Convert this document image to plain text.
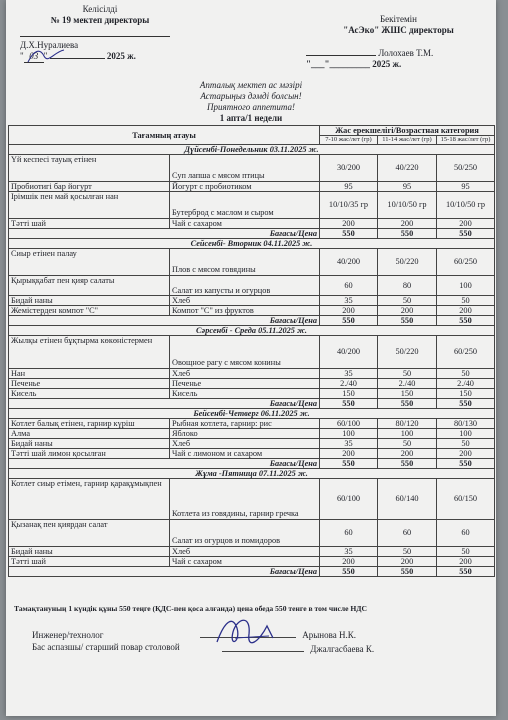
Келісілді
№ 19 мектеп директоры
Д.Х.Нуралиева
" 03 "	2025 ж.
Бекітемін
"АсЭко" ЖШС директоры
Лолохаев Т.М.
"___"_________ 2025 ж.
Апталық мектеп ас мәзірі
Астарыңыз дәмді болсын!
Приятного аппетита!
1 апта/1 недели
Тағамның атауы		Жас ерекшелігі/Возрастная категория		
		7-10 жас/лет (гр)	11-14 жас/лет (гр)	15-18 жас/лет (гр)
Дүйсенбі-Понедельник 03.11.2025 ж.				
Үй кеспесі тауық етінен	Суп лапша с мясом птицы	30/200	40/220	50/250
Пробиотигі бар йогурт	Йогурт с пробиотиком	95	95	95
Ірімшік пен май қосылған нан	Бутерброд с маслом и сыром	10/10/35 гр	10/10/50 гр	10/10/50 гр
Тәтті шай	Чай с сахаром	200	200	200
Бағасы/Цена		550	550	550
Сейсенбі- Вторник 04.11.2025 ж.				
Сиыр етінен палау	Плов с мясом говядины	40/200	50/220	60/250
Қырыққабат пен қияр салаты	Салат из капусты и огурцов	60	80	100
Бидай наны	Хлеб	35	50	50
Жемістерден компот "С"	Компот "С" из фруктов	200	200	200
Бағасы/Цена		550	550	550
Сәрсенбі - Среда 05.11.2025 ж.				
Жылқы етінен бұқтырма көкөністермен	Овощное рагу с мясом конины	40/200	50/220	60/250
Нан	Хлеб	35	50	50
Печенье	Печенье	2./40	2./40	2./40
Кисель	Кисель	150	150	150
Бағасы/Цена		550	550	550
Бейсенбі-Четверг 06.11.2025 ж.				
Котлет балық етінен, гарнир күріш	Рыбная котлета, гарнир: рис	60/100	80/120	80/130
Алма	Яблоко	100	100	100
Бидай наны	Хлеб	35	50	50
Тәтті шай лимон қосылған	Чай с лимоном и сахаром	200	200	200
Бағасы/Цена		550	550	550
Жұма -Пятница 07.11.2025 ж.				
Котлет сиыр етімен, гарнир қарақұмықпен	Котлета из говядины, гарнир гречка	60/100	60/140	60/150
Қызанақ пен қиярдан салат	Салат из огурцов и помидоров	60	60	60
Бидай наны	Хлеб	35	50	50
Тәтті шай	Чай с сахаром	200	200	200
Бағасы/Цена		550	550	550
Тамақтануның 1 күндік құны 550 теңге (ҚДС-пен қоса алғанда) цена обеда 550 тенге в том числе НДС
Инженер/технолог
Бас аспазшы/ старший повар столовой
Арынова Н.К.
Джалгасбаева К.
